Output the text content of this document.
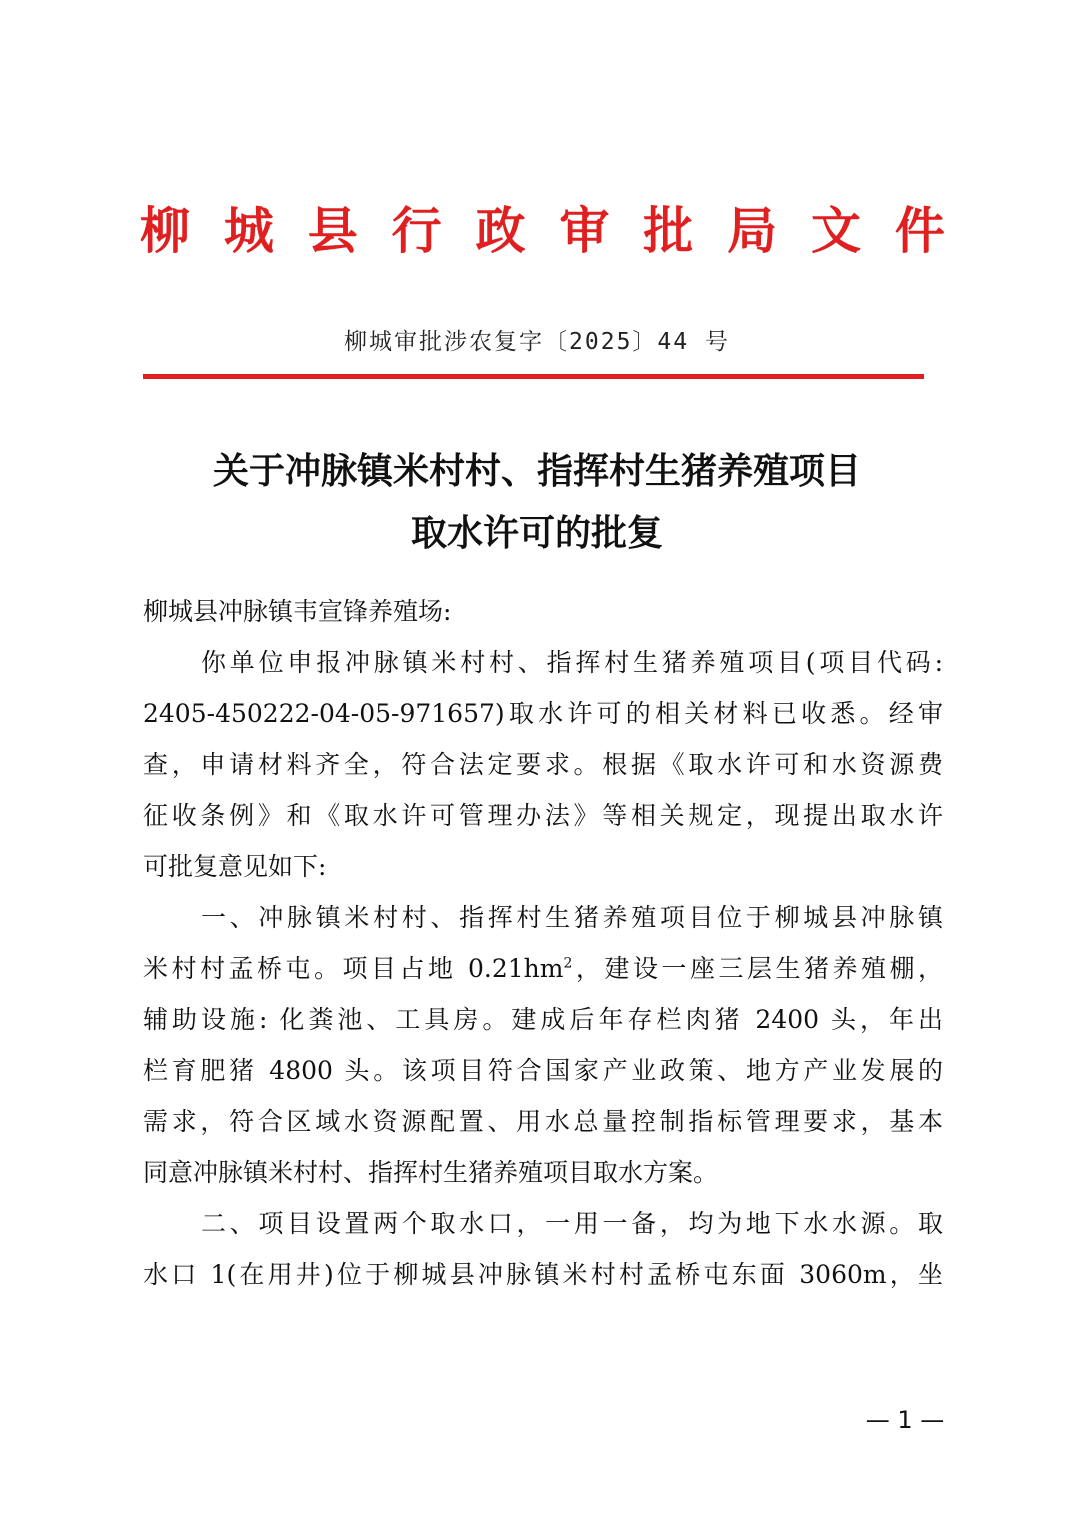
柳 城 县 行 政 审 批 局 文 件
柳城审批涉农复字〔2025〕44 号
关于冲脉镇米村村、指挥村生猪养殖项目
取水许可的批复
柳城县冲脉镇韦宣锋养殖场:
你单位申报冲脉镇米村村、指挥村生猪养殖项目(项目代码:
2405-450222-04-05-971657)取水许可的相关材料已收悉。经审
查，申请材料齐全，符合法定要求。根据《取水许可和水资源费
征收条例》和《取水许可管理办法》等相关规定，现提出取水许
可批复意见如下:
一、冲脉镇米村村、指挥村生猪养殖项目位于柳城县冲脉镇
米村村孟桥屯。项目占地 $0.21hm^2$，建设一座三层生猪养殖棚，
辅助设施: 化粪池、工具房。建成后年存栏肉猪 2400 头，年出
栏育肥猪 4800 头。该项目符合国家产业政策、地方产业发展的
需求，符合区域水资源配置、用水总量控制指标管理要求，基本
同意冲脉镇米村村、指挥村生猪养殖项目取水方案。
二、项目设置两个取水口，一用一备，均为地下水水源。取
水口 1(在用井)位于柳城县冲脉镇米村村孟桥屯东面 3060m，坐
— 1 —
